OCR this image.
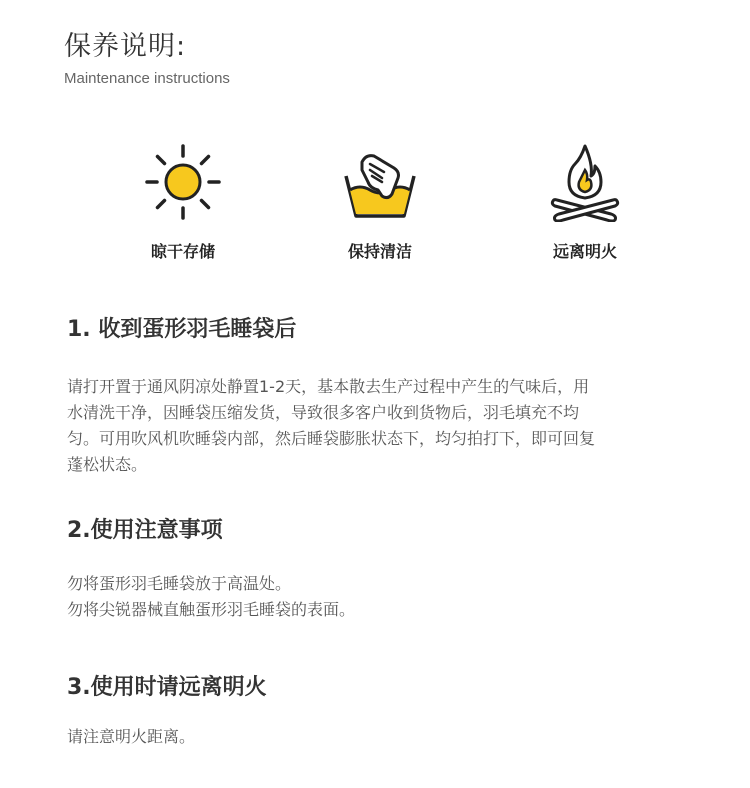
保养说明:
Maintenance instructions
晾干存储	保持清洁	远离明火
1. 收到蛋形羽毛睡袋后

请打开置于通风阴凉处静置1-2天，基本散去生产过程中产生的气味后，用

水清洗干净，因睡袋压缩发货，导致很多客户收到货物后，羽毛填充不均

匀。可用吹风机吹睡袋内部，然后睡袋膨胀状态下，均匀拍打下，即可回复

蓬松状态。

2.使用注意事项

勿将蛋形羽毛睡袋放于高温处。

勿将尖锐器械直触蛋形羽毛睡袋的表面。

3.使用时请远离明火

请注意明火距离。
